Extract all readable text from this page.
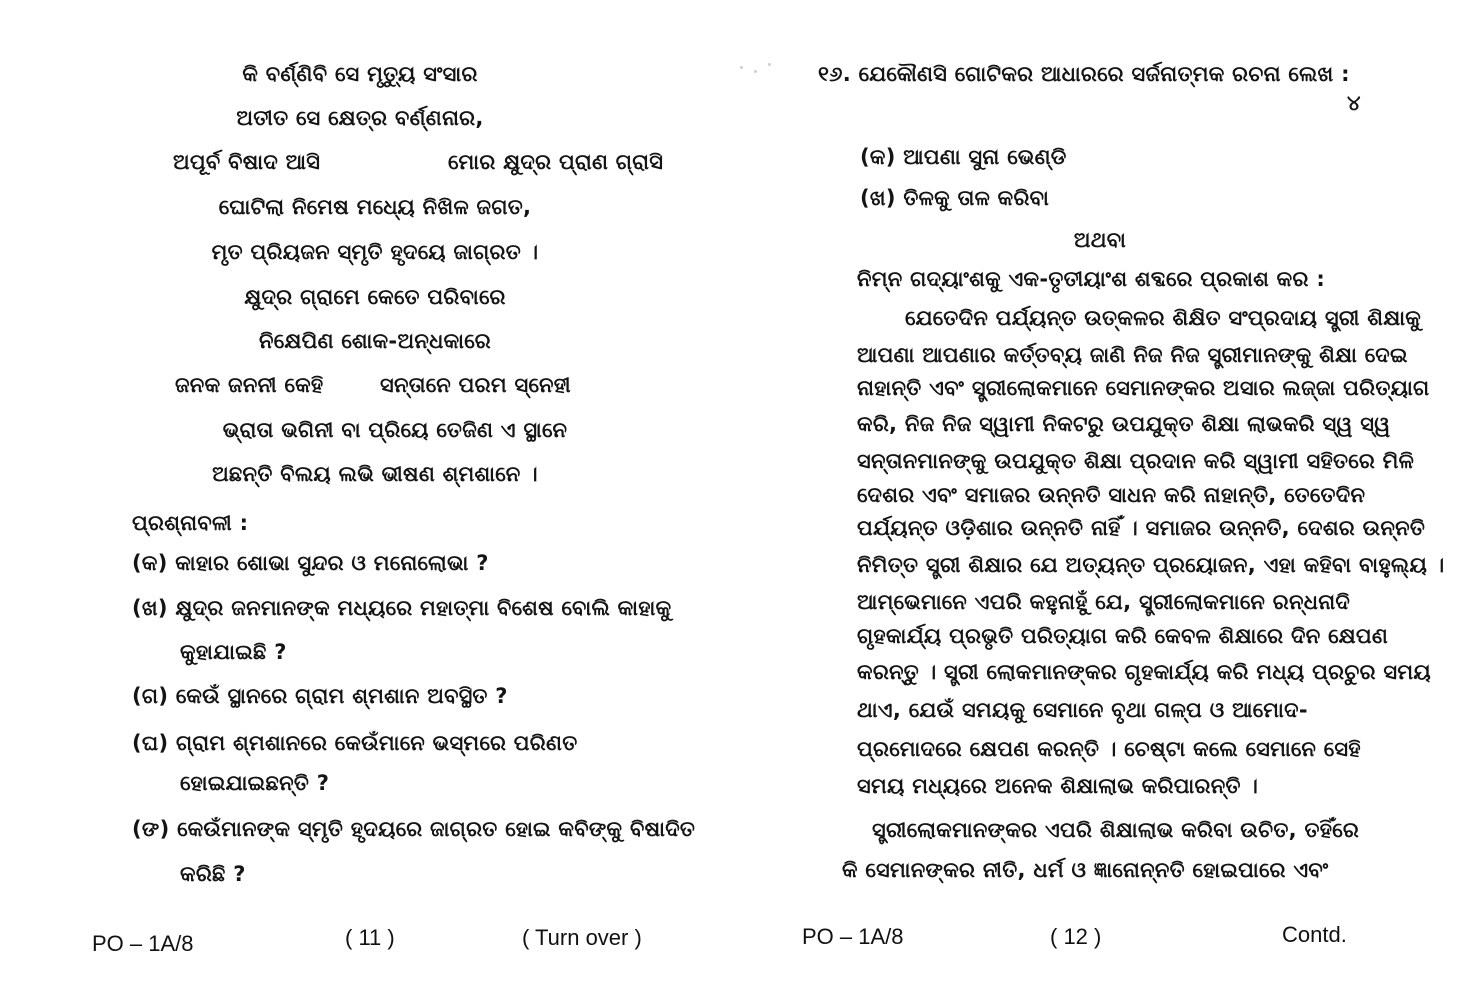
କି ବର୍ଣ୍ଣିବି ସେ ମୃତ୍ୟୁ ସଂସାର
ଅତୀତ ସେ କ୍ଷେତ୍ର ବର୍ଣ୍ଣନାର,
ଅପୂର୍ବ ବିଷାଦ ଆସି	ମୋର କ୍ଷୁଦ୍ର ପ୍ରାଣ ଗ୍ରାସି
ଘୋଟିଲା ନିମେଷ ମଧ୍ୟେ ନିଖିଳ ଜଗତ,
ମୃତ ପ୍ରିୟଜନ ସ୍ମୃତି ହୃଦୟେ ଜାଗ୍ରତ ।
କ୍ଷୁଦ୍ର ଗ୍ରାମେ କେତେ ପରିବାରେ
ନିକ୍ଷେପିଣ ଶୋକ-ଅନ୍ଧକାରେ
ଜନକ ଜନନୀ କେହି	ସନ୍ତାନେ ପରମ ସ୍ନେହୀ
ଭ୍ରାତା ଭଗିନୀ ବା ପ୍ରିୟେ ତେଜିଣ ଏ ସ୍ଥାନେ
ଅଛନ୍ତି ବିଲୟ ଲଭି ଭୀଷଣ ଶ୍ମଶାନେ ।
ପ୍ରଶ୍ନାବଳୀ :
(କ) କାହାର ଶୋଭା ସୁନ୍ଦର ଓ ମନୋଲୋଭା ?
(ଖ) କ୍ଷୁଦ୍ର ଜନମାନଙ୍କ ମଧ୍ୟରେ ମହାତ୍ମା ବିଶେଷ ବୋଲି କାହାକୁ
କୁହାଯାଇଛି ?
(ଗ) କେଉଁ ସ୍ଥାନରେ ଗ୍ରାମ ଶ୍ମଶାନ ଅବସ୍ଥିତ ?
(ଘ) ଗ୍ରାମ ଶ୍ମଶାନରେ କେଉଁମାନେ ଭସ୍ମରେ ପରିଣତ
ହୋଇଯାଇଛନ୍ତି ?
(ଙ) କେଉଁମାନଙ୍କ ସ୍ମୃତି ହୃଦୟରେ ଜାଗ୍ରତ ହୋଇ କବିଙ୍କୁ ବିଷାଦିତ
କରିଛି ?
PO – 1A/8	( 11 )	( Turn over )
୧୬. ଯେକୌଣସି ଗୋଟିକର ଆଧାରରେ ସର୍ଜନାତ୍ମକ ରଚନା ଲେଖ :
୪
(କ) ଆପଣା ସୁନା ଭେଣ୍ଡି
(ଖ) ତିଳକୁ ତାଳ କରିବା
ଅଥବା
ନିମ୍ନ ଗଦ୍ୟାଂଶକୁ ଏକ-ତୃତୀୟାଂଶ ଶବ୍ଦରେ ପ୍ରକାଶ କର :
ଯେତେଦିନ ପର୍ଯ୍ୟନ୍ତ ଉତ୍କଳର ଶିକ୍ଷିତ ସଂପ୍ରଦାୟ ସ୍ତ୍ରୀ ଶିକ୍ଷାକୁ
ଆପଣା ଆପଣାର କର୍ତ୍ତବ୍ୟ ଜାଣି ନିଜ ନିଜ ସ୍ତ୍ରୀମାନଙ୍କୁ ଶିକ୍ଷା ଦେଇ
ନାହାନ୍ତି ଏବଂ ସ୍ତ୍ରୀଲୋକମାନେ ସେମାନଙ୍କର ଅସାର ଲଜ୍ଜା ପରିତ୍ୟାଗ
କରି, ନିଜ ନିଜ ସ୍ୱାମୀ ନିକଟରୁ ଉପଯୁକ୍ତ ଶିକ୍ଷା ଲାଭକରି ସ୍ୱ ସ୍ୱ
ସନ୍ତାନମାନଙ୍କୁ ଉପଯୁକ୍ତ ଶିକ୍ଷା ପ୍ରଦାନ କରି ସ୍ୱାମୀ ସହିତରେ ମିଳି
ଦେଶର ଏବଂ ସମାଜର ଉନ୍ନତି ସାଧନ କରି ନାହାନ୍ତି, ତେତେଦିନ
ପର୍ଯ୍ୟନ୍ତ ଓଡ଼ିଶାର ଉନ୍ନତି ନାହିଁ । ସମାଜର ଉନ୍ନତି, ଦେଶର ଉନ୍ନତି
ନିମିତ୍ତ ସ୍ତ୍ରୀ ଶିକ୍ଷାର ଯେ ଅତ୍ୟନ୍ତ ପ୍ରୟୋଜନ, ଏହା କହିବା ବାହୁଲ୍ୟ ।
ଆମ୍ଭେମାନେ ଏପରି କହୁନାହୁଁ ଯେ, ସ୍ତ୍ରୀଲୋକମାନେ ରନ୍ଧନାଦି
ଗୃହକାର୍ଯ୍ୟ ପ୍ରଭୃତି ପରିତ୍ୟାଗ କରି କେବଳ ଶିକ୍ଷାରେ ଦିନ କ୍ଷେପଣ
କରନ୍ତୁ । ସ୍ତ୍ରୀ ଲୋକମାନଙ୍କର ଗୃହକାର୍ଯ୍ୟ କରି ମଧ୍ୟ ପ୍ରଚୁର ସମୟ
ଥାଏ, ଯେଉଁ ସମୟକୁ ସେମାନେ ବୃଥା ଗଳ୍ପ ଓ ଆମୋଦ-
ପ୍ରମୋଦରେ କ୍ଷେପଣ କରନ୍ତି । ଚେଷ୍ଟା କଲେ ସେମାନେ ସେହି
ସମୟ ମଧ୍ୟରେ ଅନେକ ଶିକ୍ଷାଲାଭ କରିପାରନ୍ତି ।
ସ୍ତ୍ରୀଲୋକମାନଙ୍କର ଏପରି ଶିକ୍ଷାଲାଭ କରିବା ଉଚିତ, ତହିଁରେ
କି ସେମାନଙ୍କର ନୀତି, ଧର୍ମ ଓ ଜ୍ଞାନୋନ୍ନତି ହୋଇପାରେ ଏବଂ
PO – 1A/8	( 12 )	Contd.
